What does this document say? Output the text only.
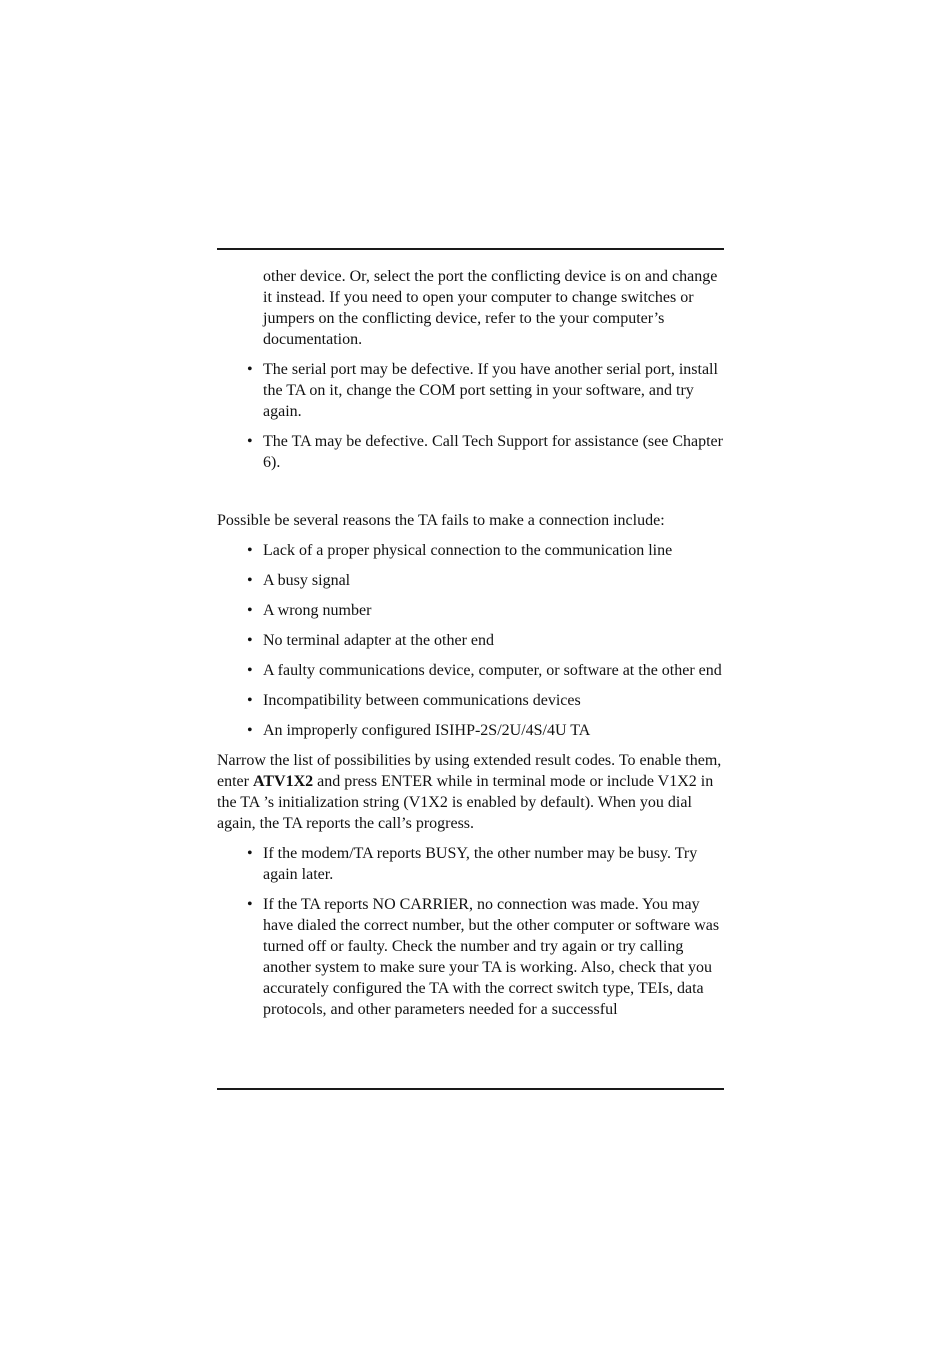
other device. Or, select the port the conflicting device is on and change it instead. If you need to open your computer to change switches or jumpers on the conflicting device, refer to the your computer’s documentation.

• The serial port may be defective. If you have another serial port, install the TA on it, change the COM port setting in your software, and try again.
• The TA may be defective. Call Tech Support for assistance (see Chapter 6).

Possible be several reasons the TA fails to make a connection include:

• Lack of a proper physical connection to the communication line
• A busy signal
• A wrong number
• No terminal adapter at the other end
• A faulty communications device, computer, or software at the other end
• Incompatibility between communications devices
• An improperly configured ISIHP-2S/2U/4S/4U TA

Narrow the list of possibilities by using extended result codes. To enable them, enter ATV1X2 and press ENTER while in terminal mode or include V1X2 in the TA ’s initialization string (V1X2 is enabled by default). When you dial again, the TA reports the call’s progress.

• If the modem/TA reports BUSY, the other number may be busy. Try again later.
• If the TA reports NO CARRIER, no connection was made. You may have dialed the correct number, but the other computer or software was turned off or faulty. Check the number and try again or try calling another system to make sure your TA is working. Also, check that you accurately configured the TA with the correct switch type, TEIs, data protocols, and other parameters needed for a successful
